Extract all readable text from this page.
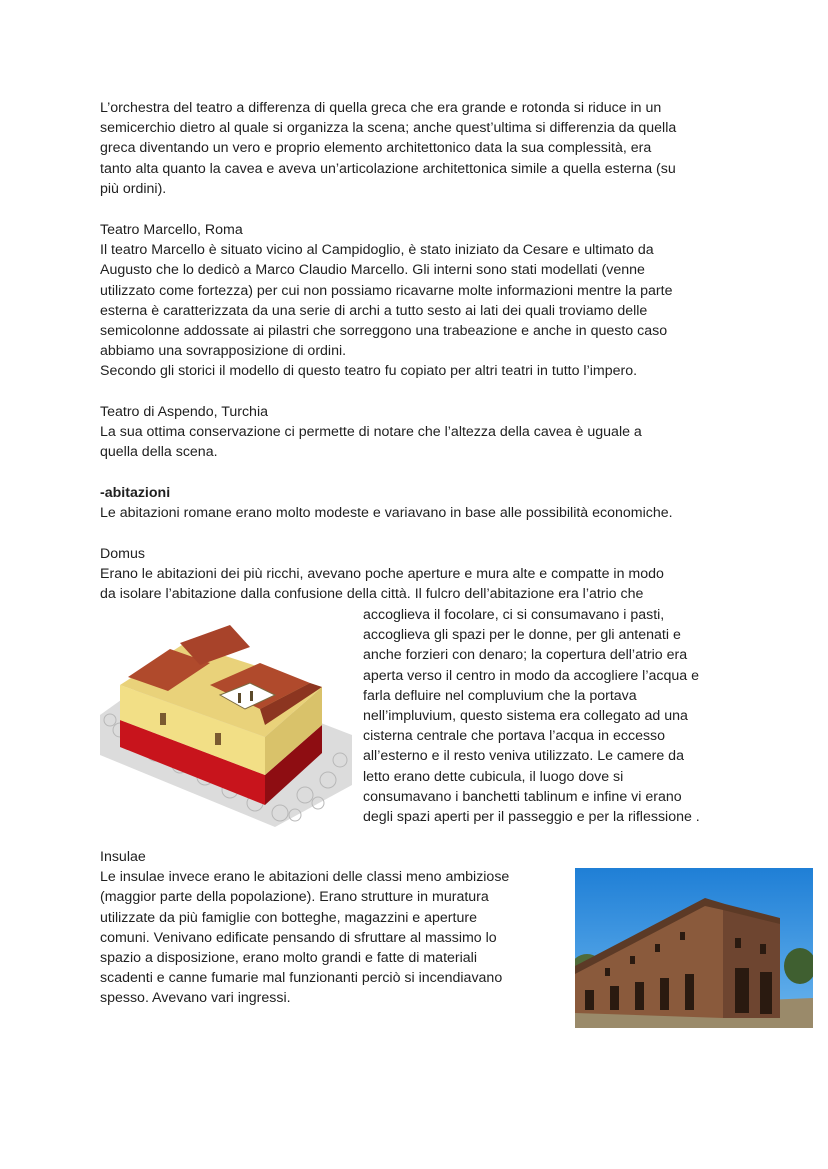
L’orchestra del teatro a differenza di quella greca che era grande e rotonda si riduce in un
semicerchio dietro al quale si organizza la scena; anche quest’ultima si differenzia da quella
greca diventando un vero e proprio elemento architettonico data la sua complessità, era
tanto alta quanto la cavea e aveva un’articolazione architettonica simile a quella esterna (su
più ordini).
Teatro Marcello, Roma
Il teatro Marcello è situato vicino al Campidoglio, è stato iniziato da Cesare e ultimato da
Augusto che lo dedicò a Marco Claudio Marcello. Gli interni sono stati modellati (venne
utilizzato come fortezza) per cui non possiamo ricavarne molte informazioni mentre la parte
esterna è caratterizzata da una serie di archi a tutto sesto ai lati dei quali troviamo delle
semicolonne addossate ai pilastri che sorreggono una trabeazione e anche in questo caso
abbiamo una sovrapposizione di ordini.
Secondo gli storici il modello di questo teatro fu copiato per altri teatri in tutto l’impero.
Teatro di Aspendo, Turchia
La sua ottima conservazione ci permette di notare che l’altezza della cavea è uguale a
quella della scena.
-abitazioni
Le abitazioni romane erano molto modeste e variavano in base alle possibilità economiche.
Domus
Erano le abitazioni dei più ricchi, avevano poche aperture e mura alte e compatte in modo
da isolare l’abitazione dalla confusione della città. Il fulcro dell’abitazione era l’atrio che
accoglieva il focolare, ci si consumavano i pasti,
accoglieva gli spazi per le donne, per gli antenati e
anche forzieri con denaro; la copertura dell’atrio era
aperta verso il centro in modo da accogliere l’acqua e
farla defluire nel compluvium che la portava
nell’impluvium, questo sistema era collegato ad una
cisterna centrale che portava l’acqua in eccesso
all’esterno e il resto veniva utilizzato. Le camere da
letto erano dette cubicula, il luogo dove si
consumavano i banchetti tablinum e infine vi erano
degli spazi aperti per il passeggio e per la riflessione .
Insulae
Le insulae invece erano le abitazioni delle classi meno ambiziose
(maggior parte della popolazione). Erano strutture in muratura
utilizzate da più famiglie con botteghe, magazzini e aperture
comuni. Venivano edificate pensando di sfruttare al massimo lo
spazio a disposizione, erano molto grandi e fatte di materiali
scadenti e canne fumarie mal funzionanti perciò si incendiavano
spesso. Avevano vari ingressi.
